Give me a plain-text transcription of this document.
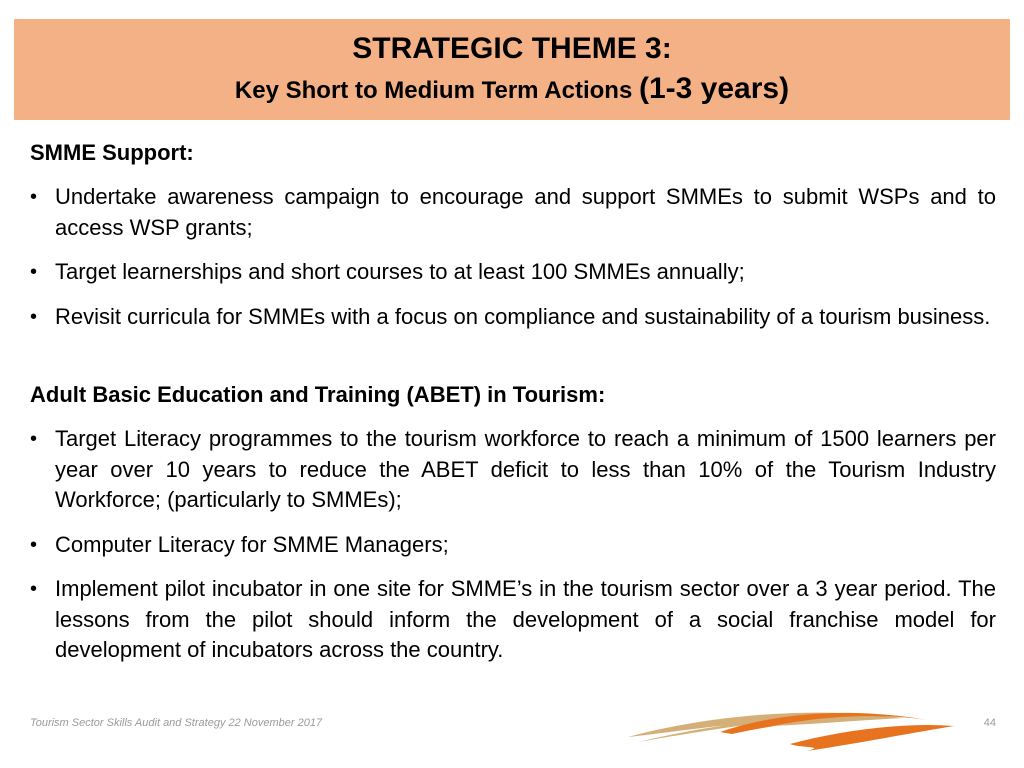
STRATEGIC THEME 3:
Key Short to Medium Term Actions (1-3 years)

SMME Support:

• Undertake awareness campaign to encourage and support SMMEs to submit WSPs and to access WSP grants;
• Target learnerships and short courses to at least 100 SMMEs annually;
• Revisit curricula for SMMEs with a focus on compliance and sustainability of a tourism business.

Adult Basic Education and Training (ABET) in Tourism:

• Target Literacy programmes to the tourism workforce to reach a minimum of 1500 learners per year over 10 years to reduce the ABET deficit to less than 10% of the Tourism Industry Workforce; (particularly to SMMEs);
• Computer Literacy for SMME Managers;
• Implement pilot incubator in one site for SMME’s in the tourism sector over a 3 year period. The lessons from the pilot should inform the development of a social franchise model for development of incubators across the country.
Tourism Sector Skills Audit and Strategy 22 November 2017	44
